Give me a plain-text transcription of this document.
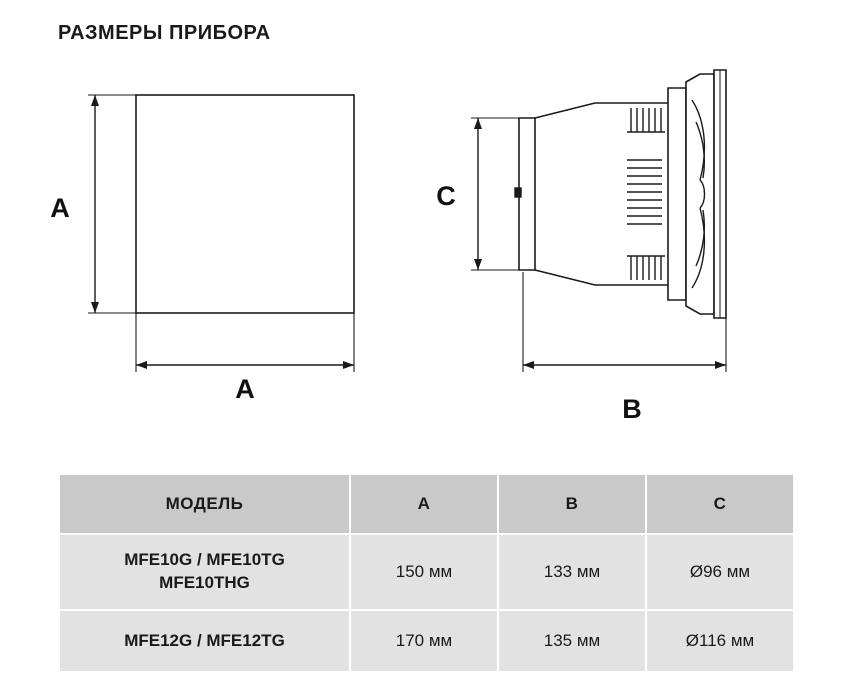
РАЗМЕРЫ ПРИБОРА
A
A
C
B
МОДЕЛЬ	A	B	C

MFE10G / MFE10TG
MFE10THG	150 мм	133 мм	Ø96 мм
MFE12G / MFE12TG	170 мм	135 мм	Ø116 мм
